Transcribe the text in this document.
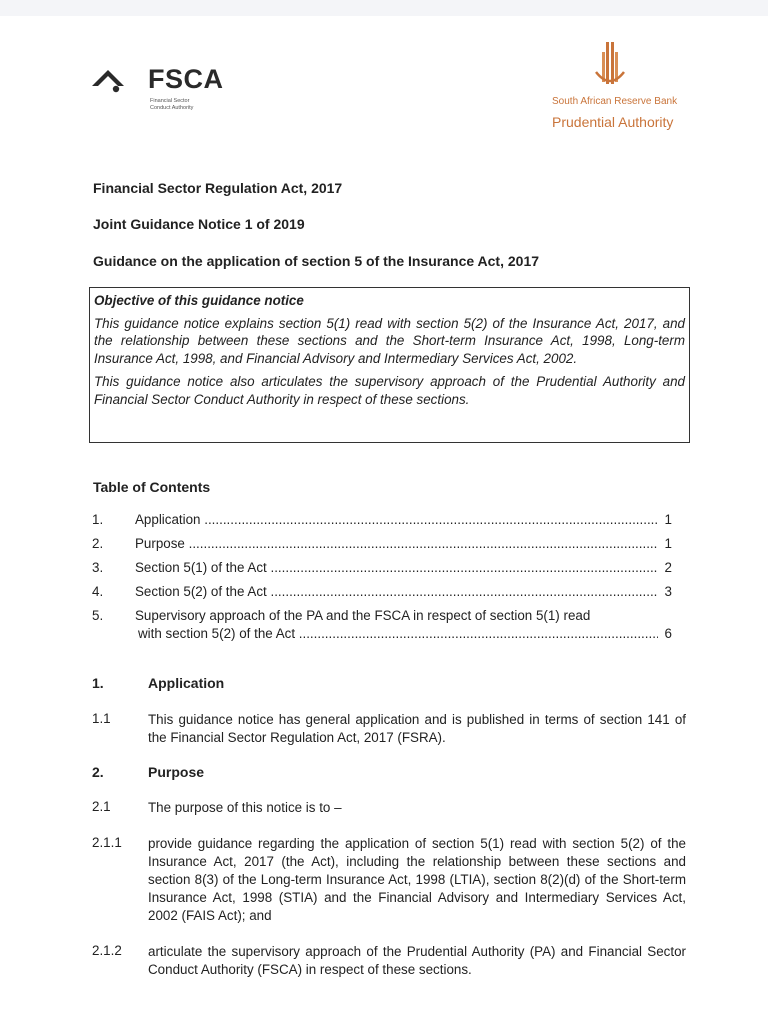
FSCA
Financial Sector
Conduct Authority
South African Reserve Bank
Prudential Authority
Financial Sector Regulation Act, 2017
Joint Guidance Notice 1 of 2019
Guidance on the application of section 5 of the Insurance Act, 2017
Objective of this guidance notice

This guidance notice explains section 5(1) read with section 5(2) of the Insurance Act, 2017, and the relationship between these sections and the Short-term Insurance Act, 1998, Long-term Insurance Act, 1998, and Financial Advisory and Intermediary Services Act, 2002.

This guidance notice also articulates the supervisory approach of the Prudential Authority and Financial Sector Conduct Authority in respect of these sections.

Table of Contents
1. Application .....	1
2. Purpose .....	1
3. Section 5(1) of the Act .....	2
4. Section 5(2) of the Act .....	3
5. Supervisory approach of the PA and the FSCA in respect of section 5(1) read
with section 5(2) of the Act .....	6
1.	Application
1.1	This guidance notice has general application and is published in terms of section 141 of the Financial Sector Regulation Act, 2017 (FSRA).

2.	Purpose
2.1	The purpose of this notice is to –

2.1.1 provide guidance regarding the application of section 5(1) read with section 5(2) of the Insurance Act, 2017 (the Act), including the relationship between these sections and section 8(3) of the Long-term Insurance Act, 1998 (LTIA), section 8(2)(d) of the Short-term Insurance Act, 1998 (STIA) and the Financial Advisory and Intermediary Services Act, 2002 (FAIS Act); and

2.1.2 articulate the supervisory approach of the Prudential Authority (PA) and Financial Sector Conduct Authority (FSCA) in respect of these sections.
